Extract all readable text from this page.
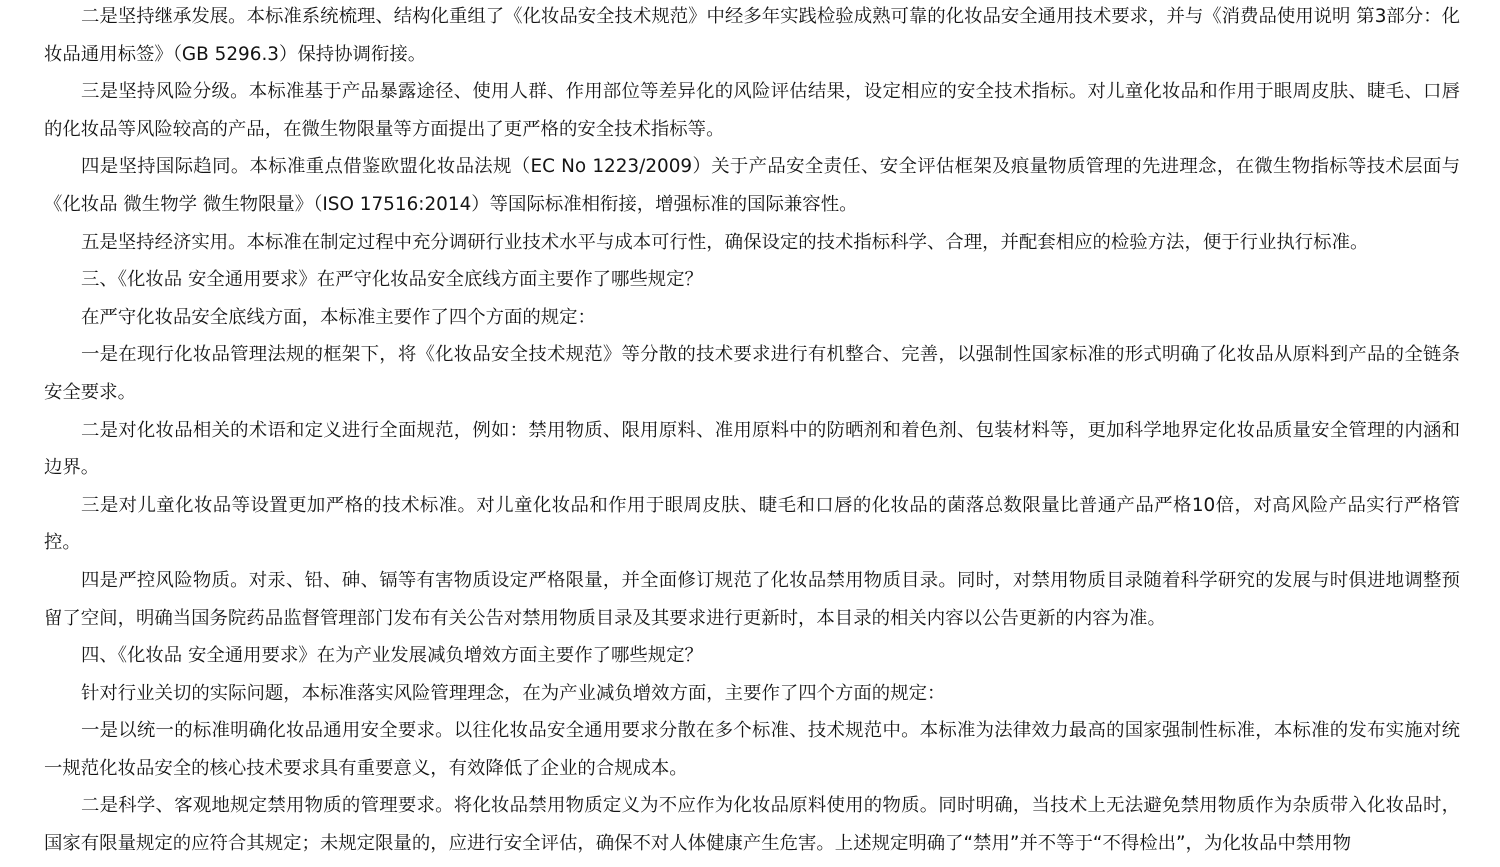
二是坚持继承发展。本标准系统梳理、结构化重组了《化妆品安全技术规范》中经多年实践检验成熟可靠的化妆品安全通用技术要求，并与《消费品使用说明 第3部分：化妆品通用标签》（GB 5296.3）保持协调衔接。

三是坚持风险分级。本标准基于产品暴露途径、使用人群、作用部位等差异化的风险评估结果，设定相应的安全技术指标。对儿童化妆品和作用于眼周皮肤、睫毛、口唇的化妆品等风险较高的产品，在微生物限量等方面提出了更严格的安全技术指标等。

四是坚持国际趋同。本标准重点借鉴欧盟化妆品法规（EC No 1223/2009）关于产品安全责任、安全评估框架及痕量物质管理的先进理念，在微生物指标等技术层面与《化妆品 微生物学 微生物限量》（ISO 17516:2014）等国际标准相衔接，增强标准的国际兼容性。

五是坚持经济实用。本标准在制定过程中充分调研行业技术水平与成本可行性，确保设定的技术指标科学、合理，并配套相应的检验方法，便于行业执行标准。

三、《化妆品 安全通用要求》在严守化妆品安全底线方面主要作了哪些规定？

在严守化妆品安全底线方面，本标准主要作了四个方面的规定：

一是在现行化妆品管理法规的框架下，将《化妆品安全技术规范》等分散的技术要求进行有机整合、完善，以强制性国家标准的形式明确了化妆品从原料到产品的全链条安全要求。

二是对化妆品相关的术语和定义进行全面规范，例如：禁用物质、限用原料、准用原料中的防晒剂和着色剂、包装材料等，更加科学地界定化妆品质量安全管理的内涵和边界。

三是对儿童化妆品等设置更加严格的技术标准。对儿童化妆品和作用于眼周皮肤、睫毛和口唇的化妆品的菌落总数限量比普通产品严格10倍，对高风险产品实行严格管控。

四是严控风险物质。对汞、铅、砷、镉等有害物质设定严格限量，并全面修订规范了化妆品禁用物质目录。同时，对禁用物质目录随着科学研究的发展与时俱进地调整预留了空间，明确当国务院药品监督管理部门发布有关公告对禁用物质目录及其要求进行更新时，本目录的相关内容以公告更新的内容为准。

四、《化妆品 安全通用要求》在为产业发展减负增效方面主要作了哪些规定？

针对行业关切的实际问题，本标准落实风险管理理念，在为产业减负增效方面，主要作了四个方面的规定：

一是以统一的标准明确化妆品通用安全要求。以往化妆品安全通用要求分散在多个标准、技术规范中。本标准为法律效力最高的国家强制性标准，本标准的发布实施对统一规范化妆品安全的核心技术要求具有重要意义，有效降低了企业的合规成本。

二是科学、客观地规定禁用物质的管理要求。将化妆品禁用物质定义为不应作为化妆品原料使用的物质。同时明确，当技术上无法避免禁用物质作为杂质带入化妆品时，国家有限量规定的应符合其规定；未规定限量的，应进行安全评估，确保不对人体健康产生危害。上述规定明确了“禁用”并不等于“不得检出”，为化妆品中禁用物
